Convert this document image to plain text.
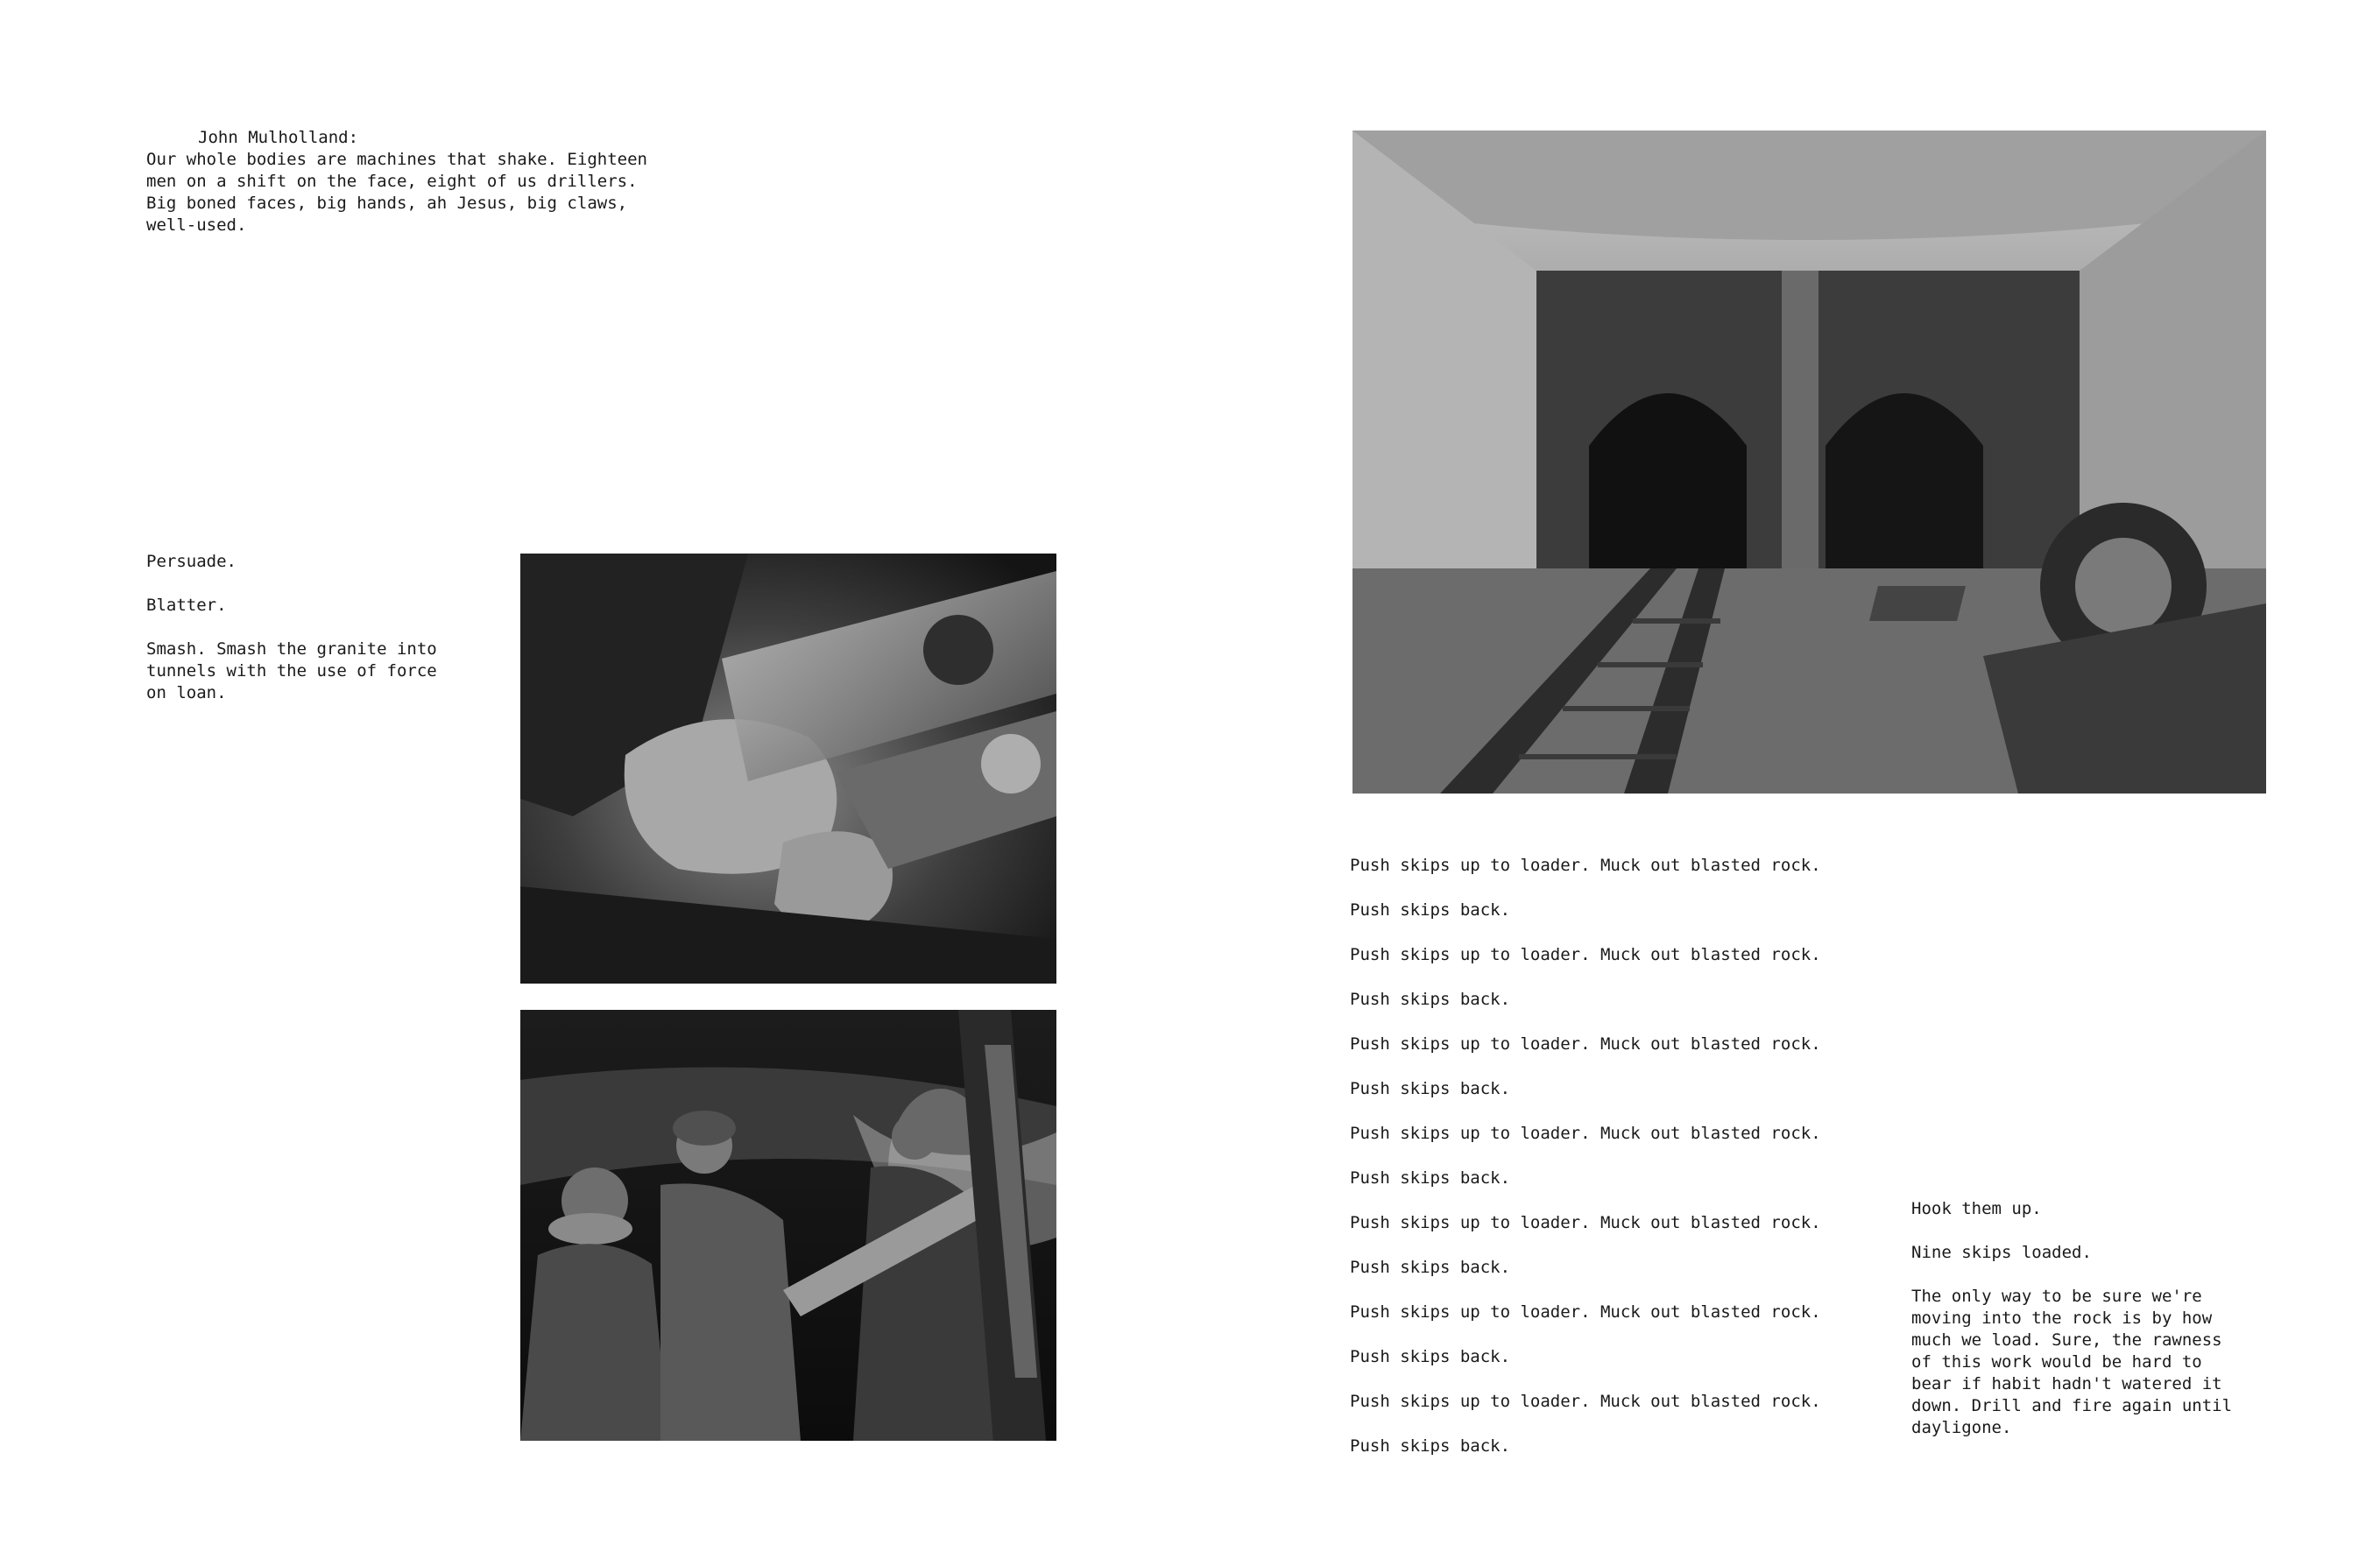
John Mulholland:
Our whole bodies are machines that shake. Eighteen
men on a shift on the face, eight of us drillers.
Big boned faces, big hands, ah Jesus, big claws,
well-used.
Persuade.
Blatter.
Smash. Smash the granite into
tunnels with the use of force
on loan.
Push skips up to loader. Muck out blasted rock.
Push skips back.
Push skips up to loader. Muck out blasted rock.
Push skips back.
Push skips up to loader. Muck out blasted rock.
Push skips back.
Push skips up to loader. Muck out blasted rock.
Push skips back.
Push skips up to loader. Muck out blasted rock.
Push skips back.
Push skips up to loader. Muck out blasted rock.
Push skips back.
Push skips up to loader. Muck out blasted rock.
Push skips back.
Hook them up.
Nine skips loaded.
The only way to be sure we're
moving into the rock is by how
much we load. Sure, the rawness
of this work would be hard to
bear if habit hadn't watered it
down. Drill and fire again until
dayligone.
